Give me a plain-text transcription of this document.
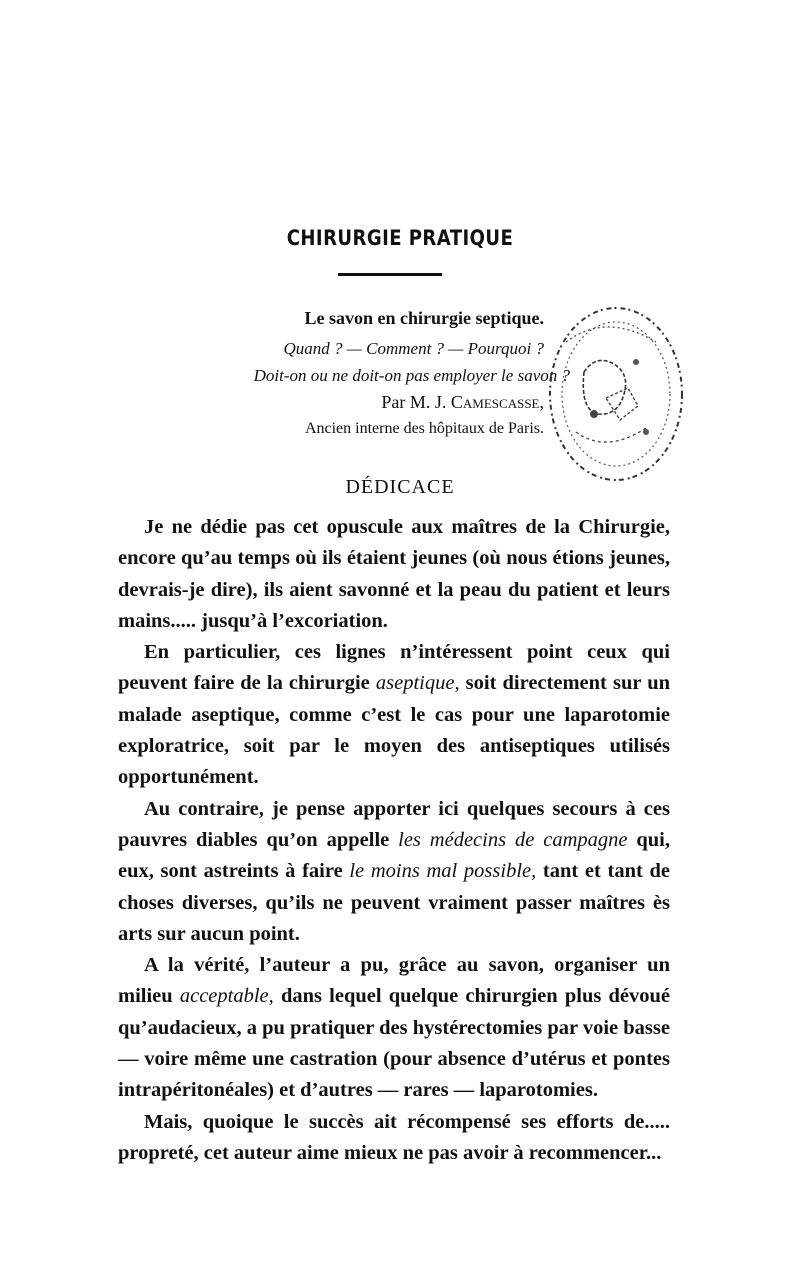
CHIRURGIE PRATIQUE
Le savon en chirurgie septique.
Quand ? — Comment ? — Pourquoi ?
Doit-on ou ne doit-on pas employer le savon ?
Par M. J. Camescasse,
Ancien interne des hôpitaux de Paris.
DÉDICACE

Je ne dédie pas cet opuscule aux maîtres de la Chirurgie, encore qu’au temps où ils étaient jeunes (où nous étions jeunes, devrais-je dire), ils aient savonné et la peau du patient et leurs mains..... jusqu’à l’excoriation.

En particulier, ces lignes n’intéressent point ceux qui peuvent faire de la chirurgie aseptique, soit directement sur un malade aseptique, comme c’est le cas pour une laparotomie exploratrice, soit par le moyen des antiseptiques utilisés opportunément.

Au contraire, je pense apporter ici quelques secours à ces pauvres diables qu’on appelle les médecins de campagne qui, eux, sont astreints à faire le moins mal possible, tant et tant de choses diverses, qu’ils ne peuvent vraiment passer maîtres ès arts sur aucun point.

A la vérité, l’auteur a pu, grâce au savon, organiser un milieu acceptable, dans lequel quelque chirurgien plus dévoué qu’audacieux, a pu pratiquer des hystérectomies par voie basse — voire même une castration (pour absence d’utérus et pontes intrapéritonéales) et d’autres — rares — laparotomies.

Mais, quoique le succès ait récompensé ses efforts de..... propreté, cet auteur aime mieux ne pas avoir à recommencer...
